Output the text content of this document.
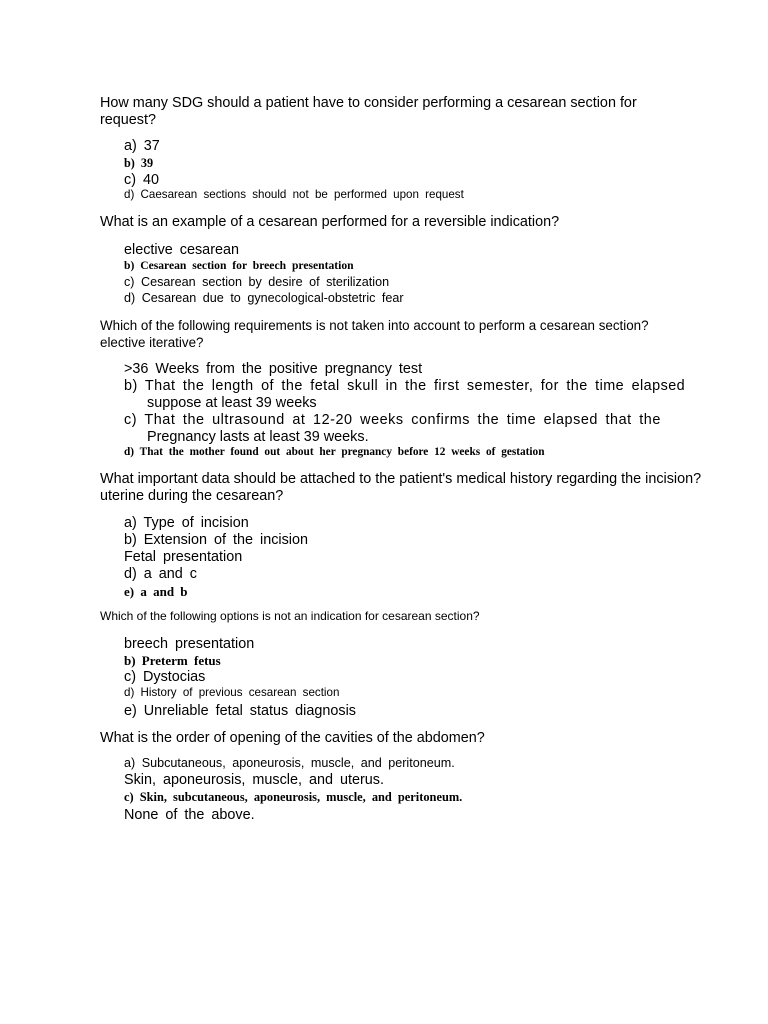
How many SDG should a patient have to consider performing a cesarean section for
request?
a) 37
b) 39
c) 40
d) Caesarean sections should not be performed upon request
What is an example of a cesarean performed for a reversible indication?
elective cesarean
b) Cesarean section for breech presentation
c) Cesarean section by desire of sterilization
d) Cesarean due to gynecological-obstetric fear
Which of the following requirements is not taken into account to perform a cesarean section?
elective iterative?
>36 Weeks from the positive pregnancy test
b) That the length of the fetal skull in the first semester, for the time elapsed
suppose at least 39 weeks
c) That the ultrasound at 12-20 weeks confirms the time elapsed that the
Pregnancy lasts at least 39 weeks.
d) That the mother found out about her pregnancy before 12 weeks of gestation
What important data should be attached to the patient's medical history regarding the incision?
uterine during the cesarean?
a) Type of incision
b) Extension of the incision
Fetal presentation
d) a and c
e) a and b
Which of the following options is not an indication for cesarean section?
breech presentation
b) Preterm fetus
c) Dystocias
d) History of previous cesarean section
e) Unreliable fetal status diagnosis
What is the order of opening of the cavities of the abdomen?
a) Subcutaneous, aponeurosis, muscle, and peritoneum.
Skin, aponeurosis, muscle, and uterus.
c) Skin, subcutaneous, aponeurosis, muscle, and peritoneum.
None of the above.
